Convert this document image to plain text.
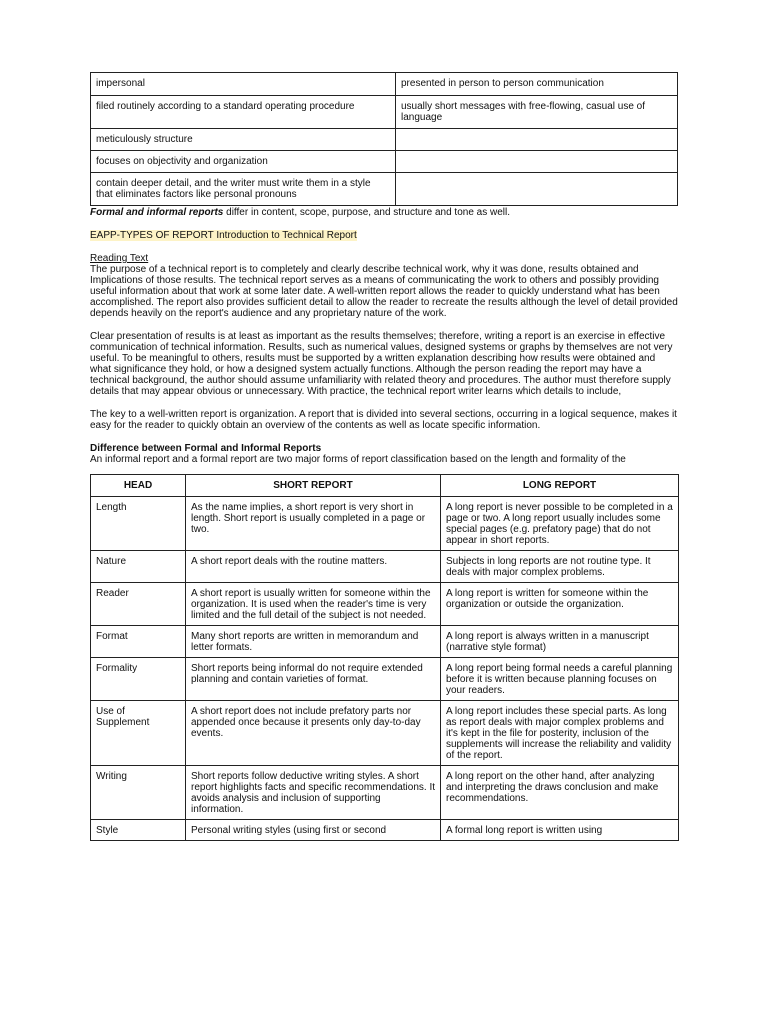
impersonal	presented in person to person communication
filed routinely according to a standard operating procedure	usually short messages with free-flowing, casual use of language
meticulously structure	
focuses on objectivity and organization	
contain deeper detail, and the writer must write them in a style that eliminates factors like personal pronouns	

Formal and informal reports differ in content, scope, purpose, and structure and tone as well.

EAPP-TYPES OF REPORT Introduction to Technical Report

Reading Text

The purpose of a technical report is to completely and clearly describe technical work, why it was done, results obtained and Implications of those results. The technical report serves as a means of communicating the work to others and possibly providing useful information about that work at some later date. A well-written report allows the reader to quickly understand what has been accomplished. The report also provides sufficient detail to allow the reader to recreate the results although the level of detail provided depends heavily on the report's audience and any proprietary nature of the work.

Clear presentation of results is at least as important as the results themselves; therefore, writing a report is an exercise in effective communication of technical information. Results, such as numerical values, designed systems or graphs by themselves are not very useful. To be meaningful to others, results must be supported by a written explanation describing how results were obtained and what significance they hold, or how a designed system actually functions. Although the person reading the report may have a technical background, the author should assume unfamiliarity with related theory and procedures. The author must therefore supply details that may appear obvious or unnecessary. With practice, the technical report writer learns which details to include,

The key to a well-written report is organization. A report that is divided into several sections, occurring in a logical sequence, makes it easy for the reader to quickly obtain an overview of the contents as well as locate specific information.

Difference between Formal and Informal Reports

An informal report and a formal report are two major forms of report classification based on the length and formality of the

HEAD	SHORT REPORT	LONG REPORT
Length	As the name implies, a short report is very short in length. Short report is usually completed in a page or two.	A long report is never possible to be completed in a page or two. A long report usually includes some special pages (e.g. prefatory page) that do not appear in short reports.
Nature	A short report deals with the routine matters.	Subjects in long reports are not routine type. It deals with major complex problems.
Reader	A short report is usually written for someone within the organization. It is used when the reader's time is very limited and the full detail of the subject is not needed.	A long report is written for someone within the organization or outside the organization.
Format	Many short reports are written in memorandum and letter formats.	A long report is always written in a manuscript (narrative style format)
Formality	Short reports being informal do not require extended planning and contain varieties of format.	A long report being formal needs a careful planning before it is written because planning focuses on your readers.
Use of Supplement	A short report does not include prefatory parts nor appended once because it presents only day-to-day events.	A long report includes these special parts. As long as report deals with major complex problems and it's kept in the file for posterity, inclusion of the supplements will increase the reliability and validity of the report.
Writing	Short reports follow deductive writing styles. A short report highlights facts and specific recommendations. It avoids analysis and inclusion of supporting information.	A long report on the other hand, after analyzing and interpreting the draws conclusion and make recommendations.
Style	Personal writing styles (using first or second	A formal long report is written using
